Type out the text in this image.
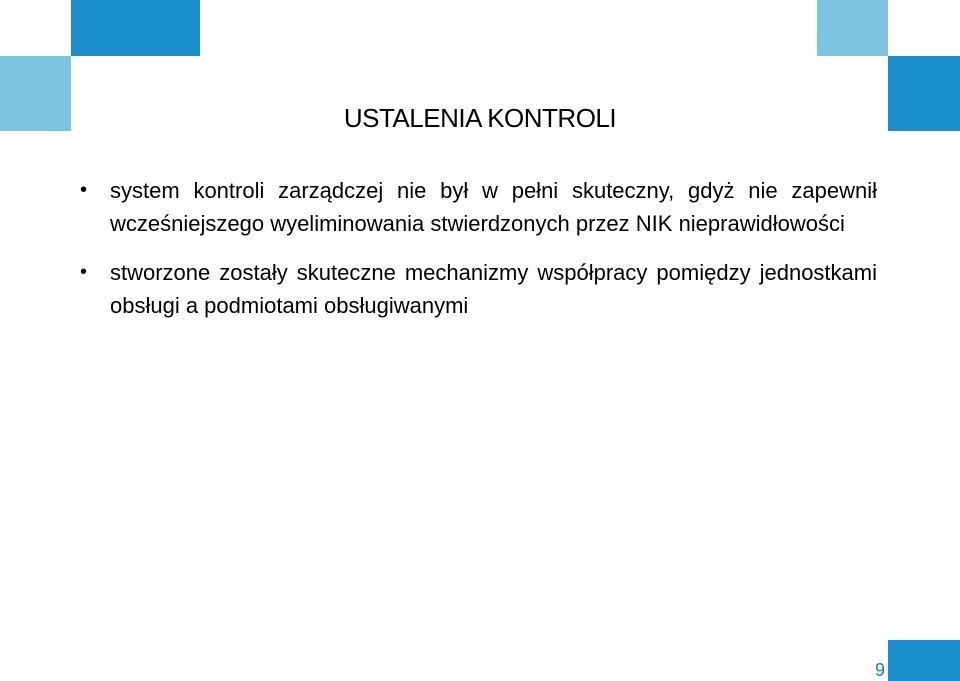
USTALENIA KONTROLI
• system kontroli zarządczej nie był w pełni skuteczny, gdyż nie zapewnił wcześniejszego wyeliminowania stwierdzonych przez NIK nieprawidłowości
• stworzone zostały skuteczne mechanizmy współpracy pomiędzy jednostkami obsługi a podmiotami obsługiwanymi
9
